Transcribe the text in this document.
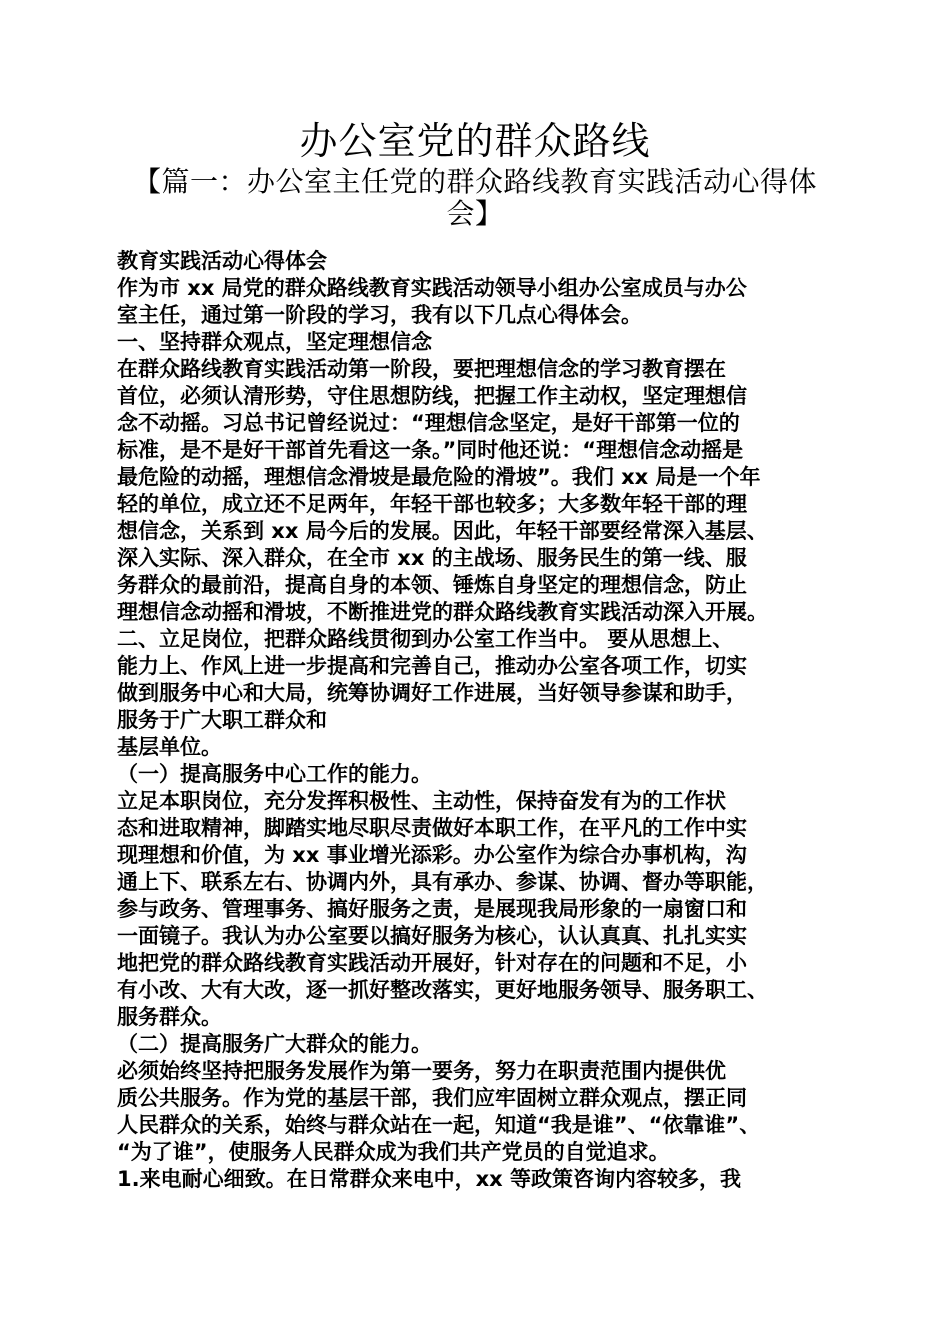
办公室党的群众路线
【篇一：办公室主任党的群众路线教育实践活动心得体会】
教育实践活动心得体会
作为市 xx 局党的群众路线教育实践活动领导小组办公室成员与办公
室主任，通过第一阶段的学习，我有以下几点心得体会。
一、坚持群众观点，坚定理想信念
在群众路线教育实践活动第一阶段，要把理想信念的学习教育摆在
首位，必须认清形势，守住思想防线，把握工作主动权，坚定理想信
念不动摇。习总书记曾经说过：“理想信念坚定，是好干部第一位的
标准，是不是好干部首先看这一条。”同时他还说：“理想信念动摇是
最危险的动摇，理想信念滑坡是最危险的滑坡”。我们 xx 局是一个年
轻的单位，成立还不足两年，年轻干部也较多；大多数年轻干部的理
想信念，关系到 xx 局今后的发展。因此，年轻干部要经常深入基层、
深入实际、深入群众，在全市 xx 的主战场、服务民生的第一线、服
务群众的最前沿，提高自身的本领、锤炼自身坚定的理想信念，防止
理想信念动摇和滑坡，不断推进党的群众路线教育实践活动深入开展。
二、立足岗位，把群众路线贯彻到办公室工作当中。 要从思想上、
能力上、作风上进一步提高和完善自己，推动办公室各项工作，切实
做到服务中心和大局，统筹协调好工作进展，当好领导参谋和助手，
服务于广大职工群众和
基层单位。
（一）提高服务中心工作的能力。
立足本职岗位，充分发挥积极性、主动性，保持奋发有为的工作状
态和进取精神，脚踏实地尽职尽责做好本职工作，在平凡的工作中实
现理想和价值，为 xx 事业增光添彩。办公室作为综合办事机构，沟
通上下、联系左右、协调内外，具有承办、参谋、协调、督办等职能，
参与政务、管理事务、搞好服务之责，是展现我局形象的一扇窗口和
一面镜子。我认为办公室要以搞好服务为核心，认认真真、扎扎实实
地把党的群众路线教育实践活动开展好，针对存在的问题和不足，小
有小改、大有大改，逐一抓好整改落实，更好地服务领导、服务职工、
服务群众。
（二）提高服务广大群众的能力。
必须始终坚持把服务发展作为第一要务，努力在职责范围内提供优
质公共服务。作为党的基层干部，我们应牢固树立群众观点，摆正同
人民群众的关系，始终与群众站在一起，知道“我是谁”、“依靠谁”、
“为了谁”，使服务人民群众成为我们共产党员的自觉追求。
1.来电耐心细致。在日常群众来电中，xx 等政策咨询内容较多，我
